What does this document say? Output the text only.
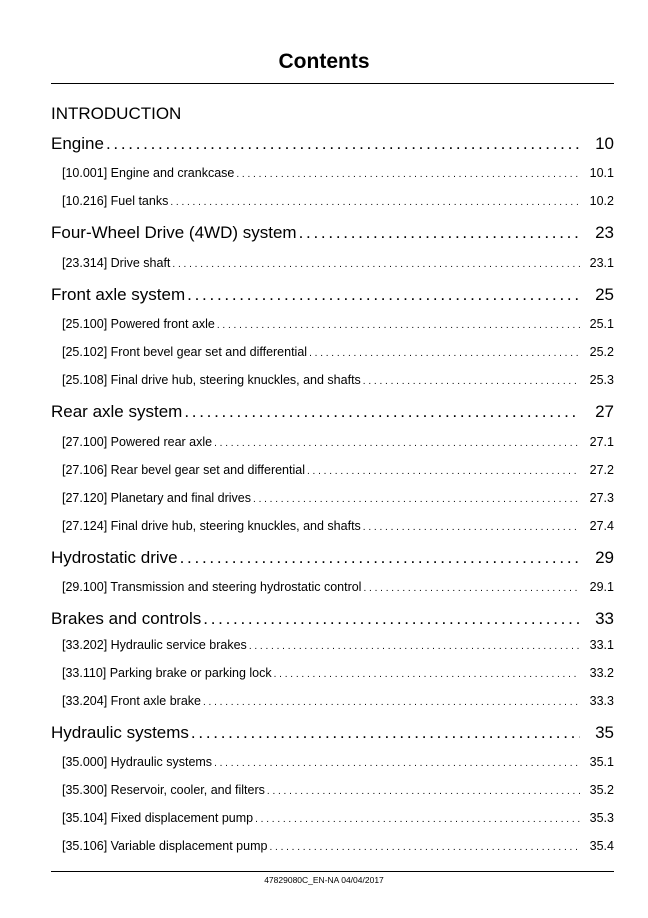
Contents
INTRODUCTION
Engine . . .	10
[10.001] Engine and crankcase . . .	10.1
[10.216] Fuel tanks . . .	10.2
Four-Wheel Drive (4WD) system . . .	23
[23.314] Drive shaft . . .	23.1
Front axle system . . .	25
[25.100] Powered front axle . . .	25.1
[25.102] Front bevel gear set and differential . . .	25.2
[25.108] Final drive hub, steering knuckles, and shafts . . .	25.3
Rear axle system . . .	27
[27.100] Powered rear axle . . .	27.1
[27.106] Rear bevel gear set and differential . . .	27.2
[27.120] Planetary and final drives . . .	27.3
[27.124] Final drive hub, steering knuckles, and shafts . . .	27.4
Hydrostatic drive . . .	29
[29.100] Transmission and steering hydrostatic control . . .	29.1
Brakes and controls . . .	33
[33.202] Hydraulic service brakes . . .	33.1
[33.110] Parking brake or parking lock . . .	33.2
[33.204] Front axle brake . . .	33.3
Hydraulic systems . . .	35
[35.000] Hydraulic systems . . .	35.1
[35.300] Reservoir, cooler, and filters . . .	35.2
[35.104] Fixed displacement pump . . .	35.3
[35.106] Variable displacement pump . . .	35.4
47829080C_EN-NA 04/04/2017
